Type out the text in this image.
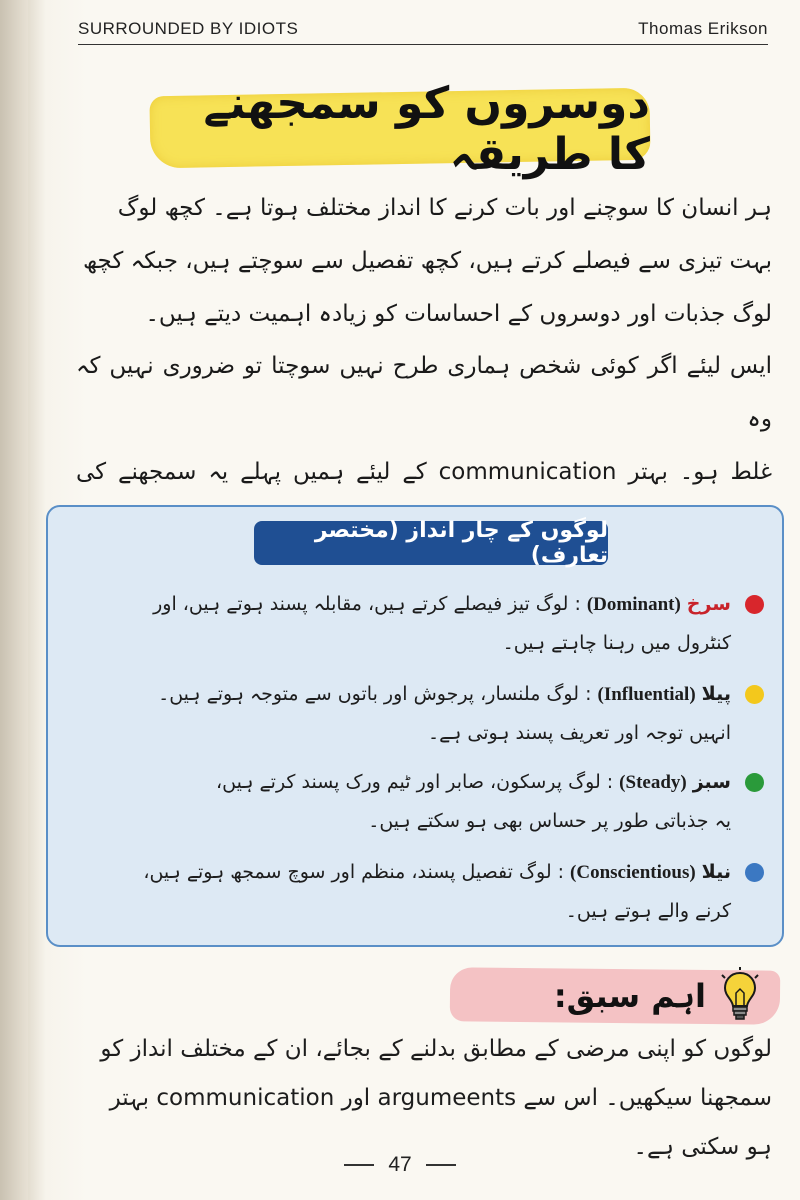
SURROUNDED BY IDIOTS	Thomas Erikson
دوسروں کو سمجھنے کا طریقہ
ہر انسان کا سوچنے اور بات کرنے کا انداز مختلف ہوتا ہے۔ کچھ لوگ
بہت تیزی سے فیصلے کرتے ہیں، کچھ تفصیل سے سوچتے ہیں، جبکہ کچھ
لوگ جذبات اور دوسروں کے احساسات کو زیادہ اہمیت دیتے ہیں۔
ایس لیئے اگر کوئی شخص ہماری طرح نہیں سوچتا تو ضروری نہیں کہ وہ
غلط ہو۔ بہتر communication کے لیئے ہمیں پہلے یہ سمجھنے کی
لوگوں کے چار انداز (مختصر تعارف)
سرخ
(Dominant)
: لوگ تیز فیصلے کرتے ہیں، مقابلہ پسند ہوتے ہیں، اور
کنٹرول میں رہنا چاہتے ہیں۔
پیلا
(Influential)
: لوگ ملنسار، پرجوش اور باتوں سے متوجہ ہوتے ہیں۔
انہیں توجہ اور تعریف پسند ہوتی ہے۔
سبز
(Steady)
: لوگ پرسکون، صابر اور ٹیم ورک پسند کرتے ہیں،
یہ جذباتی طور پر حساس بھی ہو سکتے ہیں۔
نیلا
(Conscientious)
: لوگ تفصیل پسند، منظم اور سوچ سمجھ ہوتے ہیں،
کرنے والے ہوتے ہیں۔
اہم سبق:
لوگوں کو اپنی مرضی کے مطابق بدلنے کے بجائے، ان کے مختلف انداز کو
سمجھنا سیکھیں۔ اس سے argumeents اور communication بہتر
ہو سکتی ہے۔
47
